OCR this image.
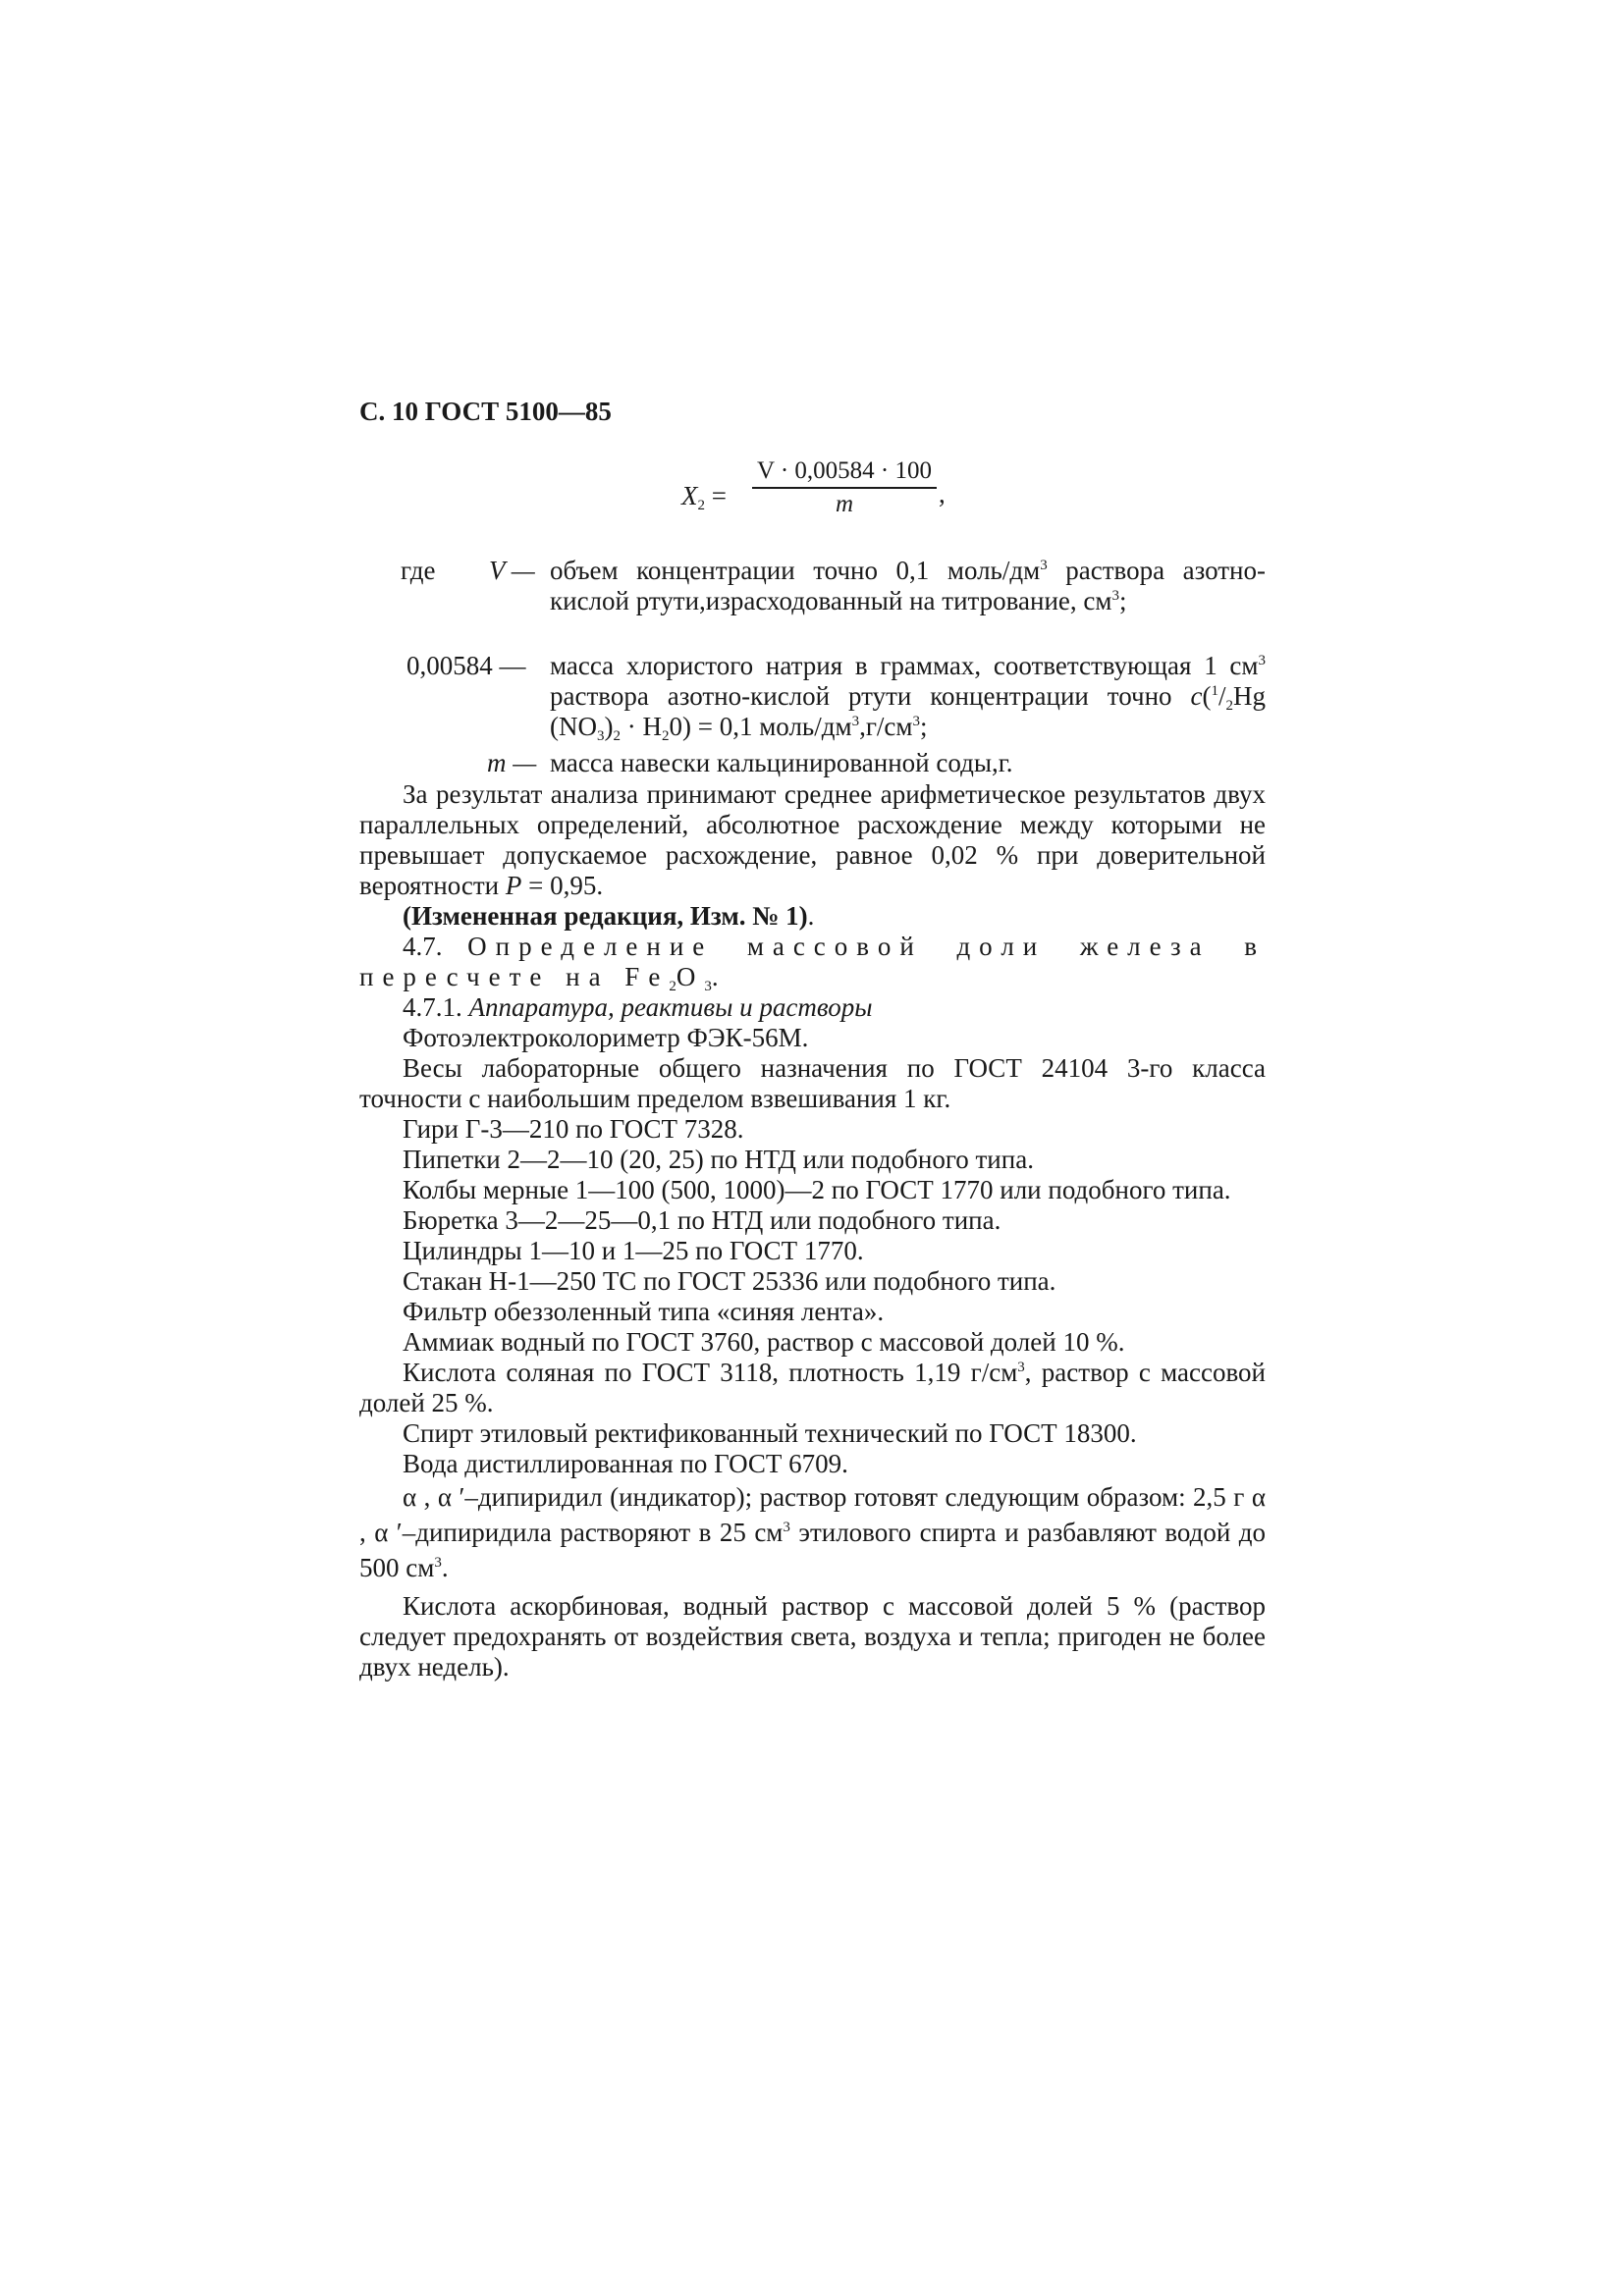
С. 10 ГОСТ 5100—85
$X_2$ =
V · 0,00584 · 100
m	,
где V — объем концентрации точно 0,1 моль/$дм^3$ раствора азотно-кислой ртути,израсходованный на титрование, $см^3$;
0,00584 — масса хлористого натрия в граммах, соответствующая 1 $см^3$ раствора азотно-кислой ртути концентрации точно $c(^1/_2Hg$ $(NO_3)_2 \cdot H_20) = 0,1$ моль/$дм^3,г/см^3$;
m — масса навески кальцинированной соды,г.

За результат анализа принимают среднее арифметическое результатов двух параллельных определений, абсолютное расхождение между которыми не превышает допускаемое расхождение, равное 0,02 % при доверительной вероятности P = 0,95.

(Измененная редакция, Изм. № 1).

4.7. Определение массовой доли железа в пересчете на $Fe_2O_3$.

4.7.1. Аппаратура, реактивы и растворы

Фотоэлектроколориметр ФЭК-56М.

Весы лабораторные общего назначения по ГОСТ 24104 3-го класса точности с наибольшим пределом взвешивания 1 кг.

Гири Г-3—210 по ГОСТ 7328.

Пипетки 2—2—10 (20, 25) по НТД или подобного типа.

Колбы мерные 1—100 (500, 1000)—2 по ГОСТ 1770 или подобного типа.

Бюретка 3—2—25—0,1 по НТД или подобного типа.

Цилиндры 1—10 и 1—25 по ГОСТ 1770.

Стакан Н-1—250 ТС по ГОСТ 25336 или подобного типа.

Фильтр обеззоленный типа «синяя лента».

Аммиак водный по ГОСТ 3760, раствор с массовой долей 10 %.

Кислота соляная по ГОСТ 3118, плотность 1,19 $г/см^3$, раствор с массовой долей 25 %.

Спирт этиловый ректификованный технический по ГОСТ 18300.

Вода дистиллированная по ГОСТ 6709.

α , α ′–дипиридил (индикатор); раствор готовят следующим образом: 2,5 г α , α ′–дипиридила растворяют в 25 $см^3$ этилового спирта и разбавляют водой до 500 $см^3$.

Кислота аскорбиновая, водный раствор с массовой долей 5 % (раствор следует предохранять от воздействия света, воздуха и тепла; пригоден не более двух недель).
